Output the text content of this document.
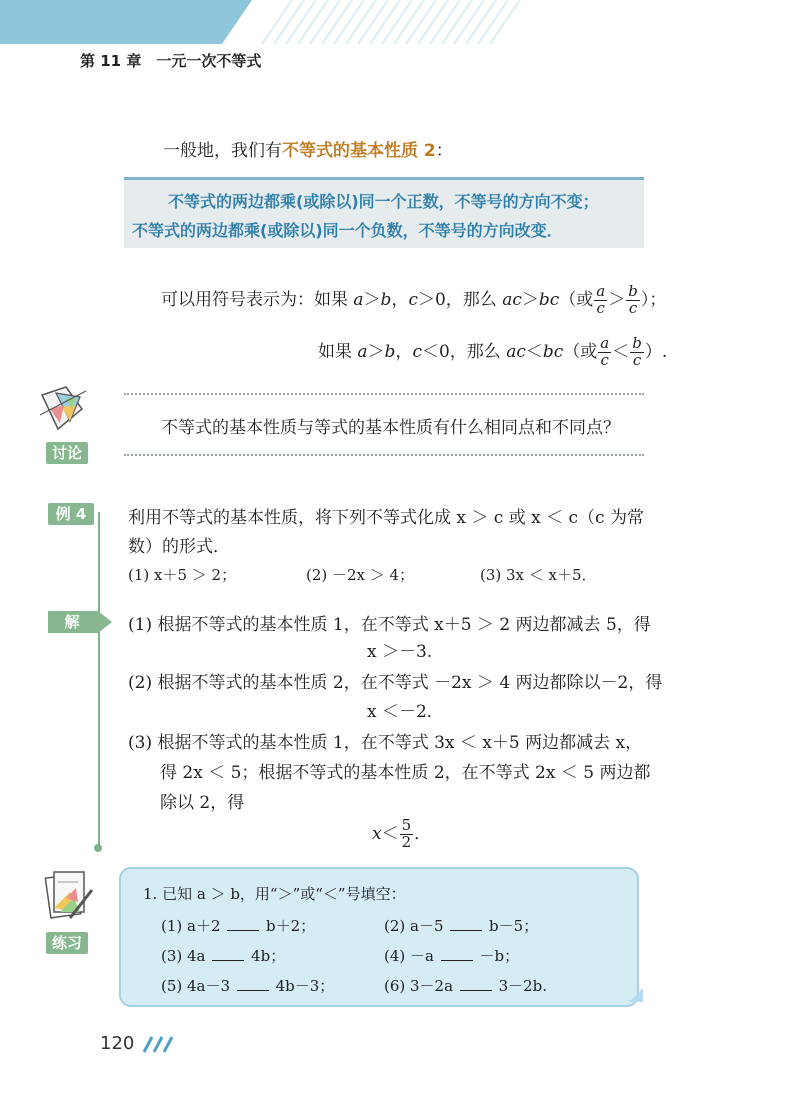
第 11 章　一元一次不等式
一般地，我们有不等式的基本性质 2：
不等式的两边都乘(或除以)同一个正数，不等号的方向不变；
不等式的两边都乘(或除以)同一个负数，不等号的方向改变．
可以用符号表示为：如果 a＞b，c＞0，那么 ac＞bc（或 $\frac{a}{c} > \frac{b}{c}$ ）；
如果 a＞b，c＜0，那么 ac＜bc（或 $\frac{a}{c} < \frac{b}{c}$ ）.
讨论
不等式的基本性质与等式的基本性质有什么相同点和不同点？
例 4	利用不等式的基本性质，将下列不等式化成 x ＞ c 或 x ＜ c（c 为常
数）的形式．
(1) x＋5 ＞ 2；	(2) －2x ＞ 4；	(3) 3x ＜ x＋5．
解	(1) 根据不等式的基本性质 1，在不等式 x＋5 ＞ 2 两边都减去 5，得
x ＞－3.
(2) 根据不等式的基本性质 2，在不等式 －2x ＞ 4 两边都除以－2，得
x ＜－2．
(3) 根据不等式的基本性质 1，在不等式 3x ＜ x＋5 两边都减去 x，
得 2x ＜ 5；根据不等式的基本性质 2，在不等式 2x ＜ 5 两边都
除以 2，得
$x< \frac{5}{2}$ ．
练习
1. 已知 a ＞ b，用“＞”或“＜”号填空：
(1) a＋2  b＋2；	(2) a－5  b－5；
(3) 4a  4b；	(4) －a  －b；
(5) 4a－3  4b－3；	(6) 3－2a  3－2b.
120
